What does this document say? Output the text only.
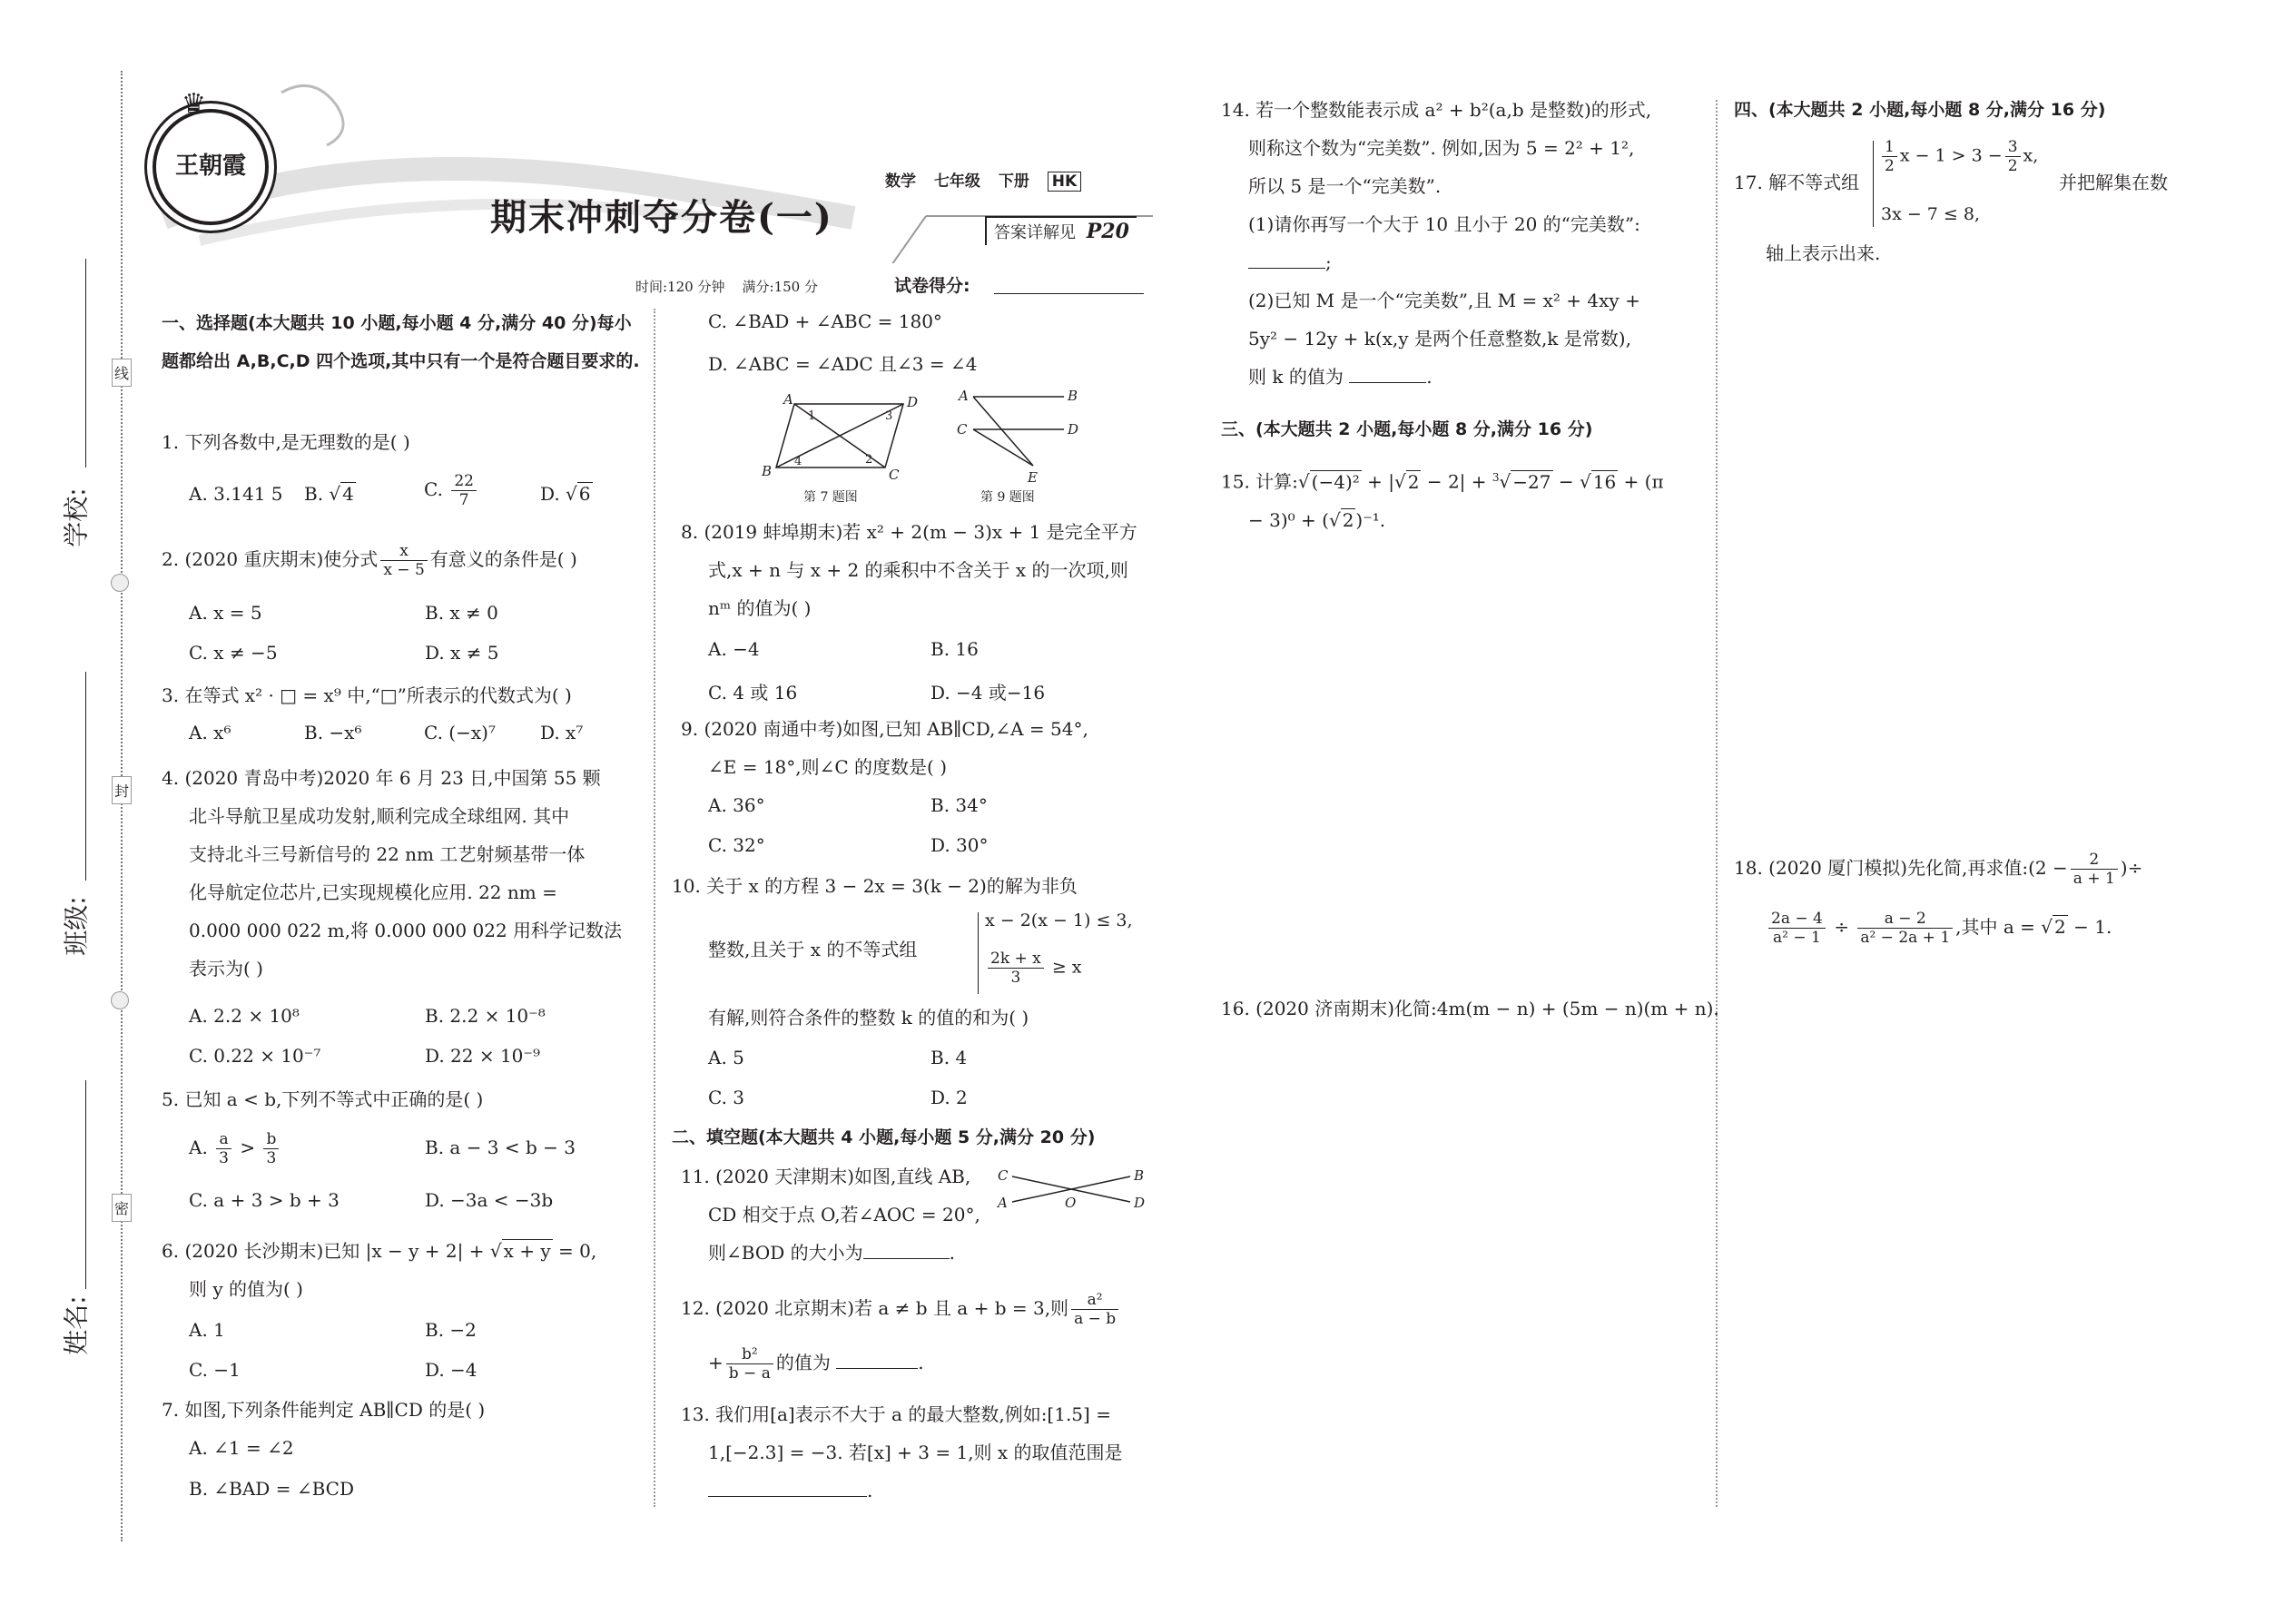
学校:
班级:
姓名:
线
封
密
王朝霞
♛
期末冲刺夺分卷(一)
数学 七年级 下册 HK
答案详解见 P20
时间:120 分钟    满分:150 分	试卷得分:
一、选择题(本大题共 10 小题,每小题 4 分,满分 40 分)每小题都给出 A,B,C,D 四个选项,其中只有一个是符合题目要求的.
1. 下列各数中,是无理数的是( )
A. 3.141 5 B. √ 4	C. $\frac{22}{7}$	D. √ 6
2. (2020 重庆期末)使分式 $\frac{x}{x - 5}$ 有意义的条件是( )
A. x = 5	B. x ≠ 0
C. x ≠ −5	D. x ≠ 5
3. 在等式 x² · □ = x⁹ 中,“□”所表示的代数式为( )
A. x⁶	B. −x⁶	C. (−x)⁷ D. x⁷
4. (2020 青岛中考)2020 年 6 月 23 日,中国第 55 颗
北斗导航卫星成功发射,顺利完成全球组网. 其中
支持北斗三号新信号的 22 nm 工艺射频基带一体
化导航定位芯片,已实现规模化应用. 22 nm =
0.000 000 022 m,将 0.000 000 022 用科学记数法
表示为( )
A. 2.2 × 10⁸	B. 2.2 × 10⁻⁸
C. 0.22 × 10⁻⁷	D. 22 × 10⁻⁹
5. 已知 a < b,下列不等式中正确的是( )
A. $\frac{a}{3} > \frac{b}{3}$	B. a − 3 < b − 3
C. a + 3 > b + 3	D. −3a < −3b
6. (2020 长沙期末)已知 |x − y + 2| + √ x + y = 0,
则 y 的值为( )
A. 1	B. −2
C. −1	D. −4
7. 如图,下列条件能判定 AB∥CD 的是( )
A. ∠1 = ∠2
B. ∠BAD = ∠BCD
C. ∠BAD + ∠ABC = 180°
D. ∠ABC = ∠ADC 且∠3 = ∠4
A
B	C
D
1
2
3
4
第 7 题图
A	B
C	D
E
第 9 题图
8. (2019 蚌埠期末)若 x² + 2(m − 3)x + 1 是完全平方
式,x + n 与 x + 2 的乘积中不含关于 x 的一次项,则
nᵐ 的值为( )
A. −4	B. 16
C. 4 或 16	D. −4 或−16
9. (2020 南通中考)如图,已知 AB∥CD,∠A = 54°,
∠E = 18°,则∠C 的度数是( )
A. 36°	B. 34°
C. 32°	D. 30°
10. 关于 x 的方程 3 − 2x = 3(k − 2)的解为非负
整数,且关于 x 的不等式组
x − 2(x − 1) ≤ 3,
$\frac{2k + x}{3} \ge x$
有解,则符合条件的整数 k 的值的和为( )
A. 5	B. 4
C. 3	D. 2
二、填空题(本大题共 4 小题,每小题 5 分,满分 20 分)
11. (2020 天津期末)如图,直线 AB,
CD 相交于点 O,若∠AOC = 20°,
则∠BOD 的大小为	.
C	B
A	O	D
12. (2020 北京期末)若 a ≠ b 且 a + b = 3,则 $\frac{\text{a²}}{a - b}$
+ $\frac{\text{b²}}{b - a}$ 的值为	.
13. 我们用[a]表示不大于 a 的最大整数,例如:[1.5] =
1,[−2.3] = −3. 若[x] + 3 = 1,则 x 的取值范围是
.
14. 若一个整数能表示成 a² + b²(a,b 是整数)的形式,
则称这个数为“完美数”. 例如,因为 5 = 2² + 1²,
所以 5 是一个“完美数”.
(1)请你再写一个大于 10 且小于 20 的“完美数”:
;
(2)已知 M 是一个“完美数”,且 M = x² + 4xy +
5y² − 12y + k(x,y 是两个任意整数,k 是常数),
则 k 的值为	.
三、(本大题共 2 小题,每小题 8 分,满分 16 分)
15. 计算:√ (−4)² + |√ 2 − 2| + $^3$√ −27 − √ 16 + (π
− 3)⁰ + (√ 2 )⁻¹.
16. (2020 济南期末)化简:4m(m − n) + (5m − n)(m + n).
四、(本大题共 2 小题,每小题 8 分,满分 16 分)
17. 解不等式组
$\frac{1}{2}$ $x - 1 > 3 - \frac{3}{2} x$,
3x − 7 ≤ 8,
并把解集在数
轴上表示出来.
18. (2020 厦门模拟)先化简,再求值:(2 − $\frac{2}{a + 1}$ )÷
$\frac{2a - 4}{\text{a² − 1}} \div \frac{a - 2}{\text{a² − 2a + 1}}$ ,其中 a = √ 2 − 1.
